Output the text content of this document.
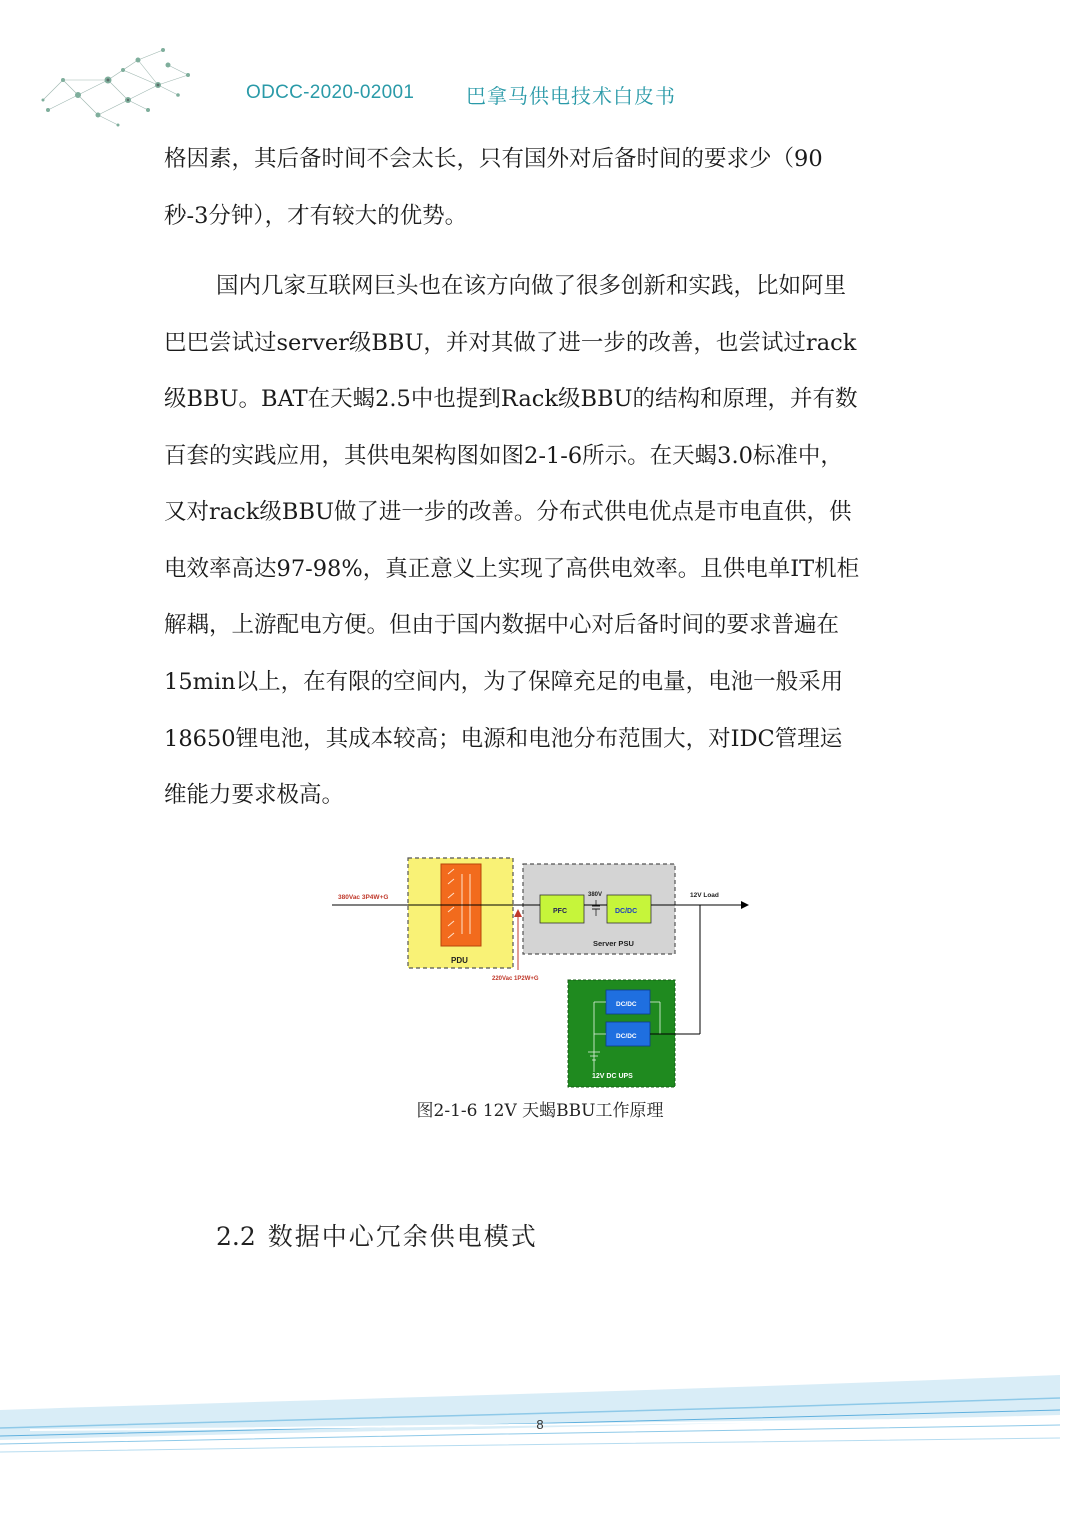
ODCC-2020-02001	巴拿马供电技术白皮书
格因素，其后备时间不会太长，只有国外对后备时间的要求少（90
秒-3分钟），才有较大的优势。
国内几家互联网巨头也在该方向做了很多创新和实践，比如阿里
巴巴尝试过server级BBU，并对其做了进一步的改善，也尝试过rack
级BBU。BAT在天蝎2.5中也提到Rack级BBU的结构和原理，并有数
百套的实践应用，其供电架构图如图2-1-6所示。在天蝎3.0标准中，
又对rack级BBU做了进一步的改善。分布式供电优点是市电直供，供
电效率高达97-98%，真正意义上实现了高供电效率。且供电单IT机柜
解耦，上游配电方便。但由于国内数据中心对后备时间的要求普遍在
15min以上，在有限的空间内，为了保障充足的电量，电池一般采用
18650锂电池，其成本较高；电源和电池分布范围大，对IDC管理运
维能力要求极高。
PDU
PFC	DC/DC
380V
Server PSU
380Vac 3P4W+G	12V Load
220Vac 1P2W+G
DC/DC
DC/DC
12V DC UPS
图2-1-6 12V 天蝎BBU工作原理
2.2 数据中心冗余供电模式
8
